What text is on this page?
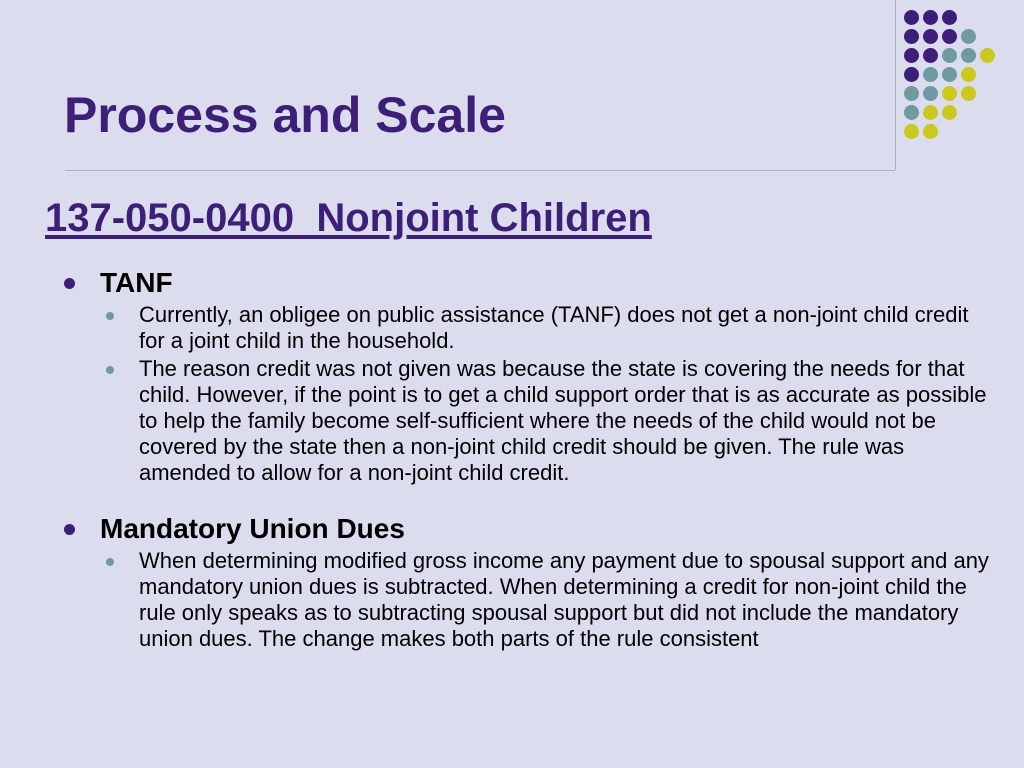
Process and Scale
137-050-0400  Nonjoint Children
TANF
Currently, an obligee on public assistance (TANF) does not get a non-joint child credit for a joint child in the household.
The reason credit was not given was because the state is covering the needs for that child. However, if the point is to get a child support order that is as accurate as possible to help the family become self-sufficient where the needs of the child would not be covered by the state then a non-joint child credit should be given. The rule was amended to allow for a non-joint child credit.
Mandatory Union Dues
When determining modified gross income any payment due to spousal support and any mandatory union dues is subtracted. When determining a credit for non-joint child the rule only speaks as to subtracting spousal support but did not include the mandatory union dues. The change makes both parts of the rule consistent
